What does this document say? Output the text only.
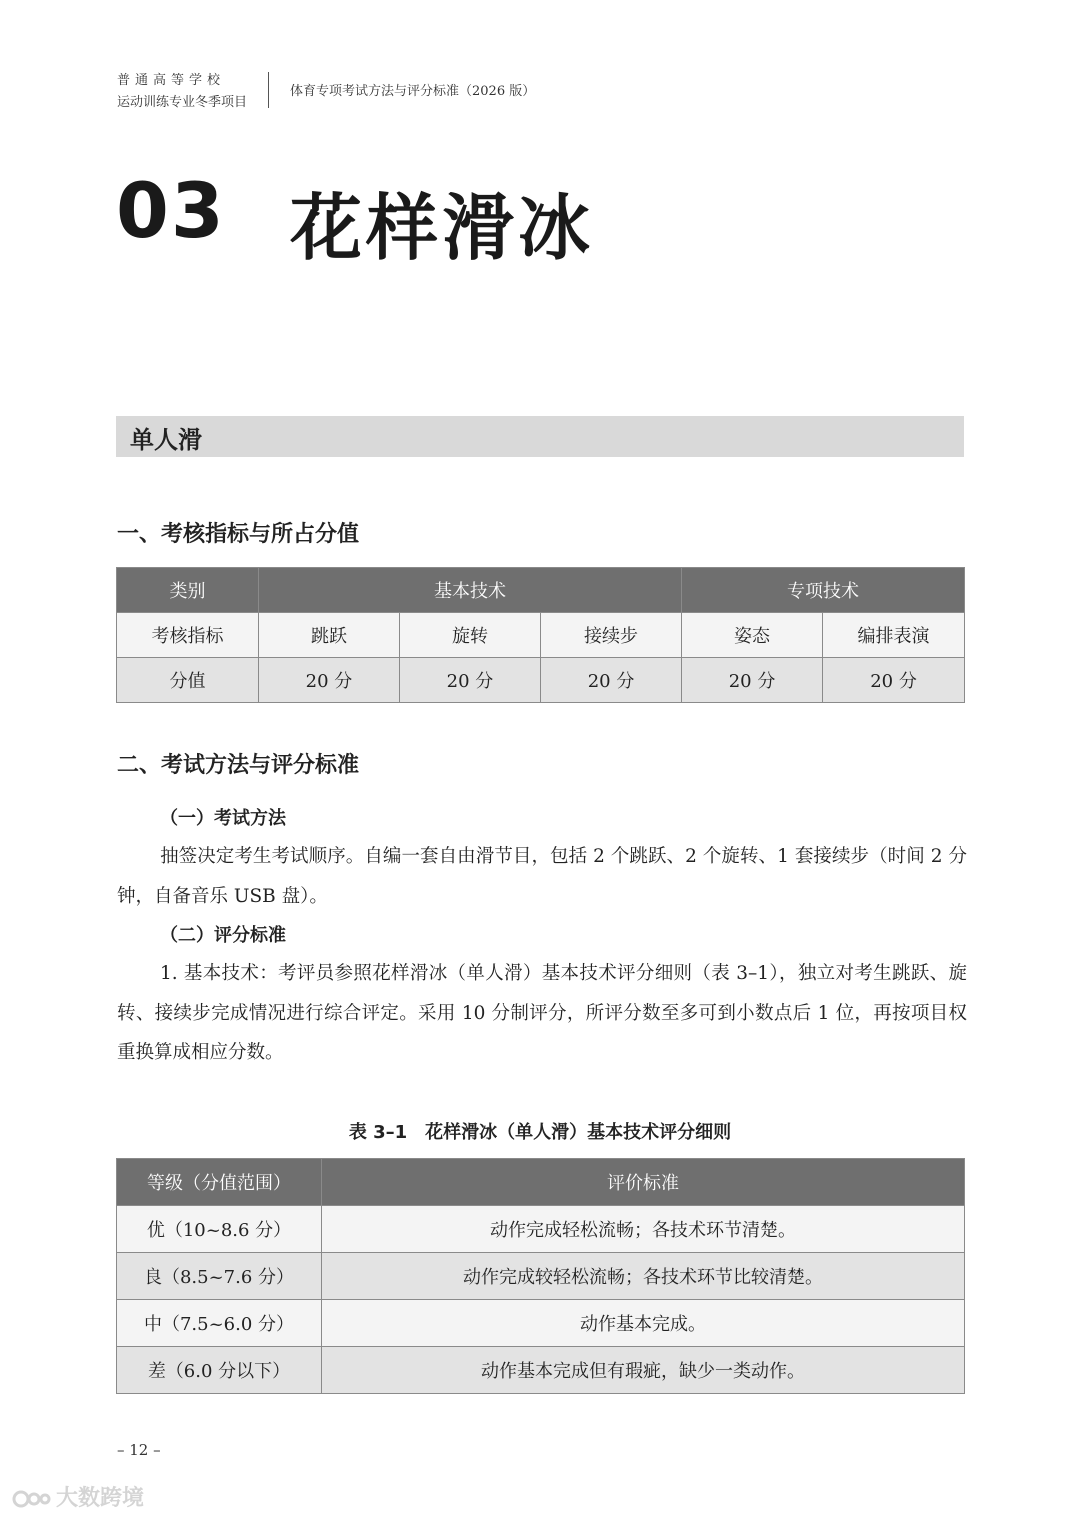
普通高等学校
运动训练专业冬季项目
体育专项考试方法与评分标准（2026 版）
03 花样滑冰
单人滑
一、考核指标与所占分值
类别	基本技术			专项技术	
考核指标	跳跃	旋转	接续步	姿态	编排表演
分值	20 分	20 分	20 分	20 分	20 分
二、考试方法与评分标准
（一）考试方法
抽签决定考生考试顺序。自编一套自由滑节目，包括 2 个跳跃、2 个旋转、1 套接续步（时间 2 分钟，自备音乐 USB 盘）。
（二）评分标准
1. 基本技术：考评员参照花样滑冰（单人滑）基本技术评分细则（表 3–1），独立对考生跳跃、旋转、接续步完成情况进行综合评定。采用 10 分制评分，所评分数至多可到小数点后 1 位，再按项目权重换算成相应分数。
表 3–1　花样滑冰（单人滑）基本技术评分细则
等级（分值范围）	评价标准
优（10~8.6 分）	动作完成轻松流畅；各技术环节清楚。
良（8.5~7.6 分）	动作完成较轻松流畅；各技术环节比较清楚。
中（7.5~6.0 分）	动作基本完成。
差（6.0 分以下）	动作基本完成但有瑕疵，缺少一类动作。
– 12 –
大数跨境
